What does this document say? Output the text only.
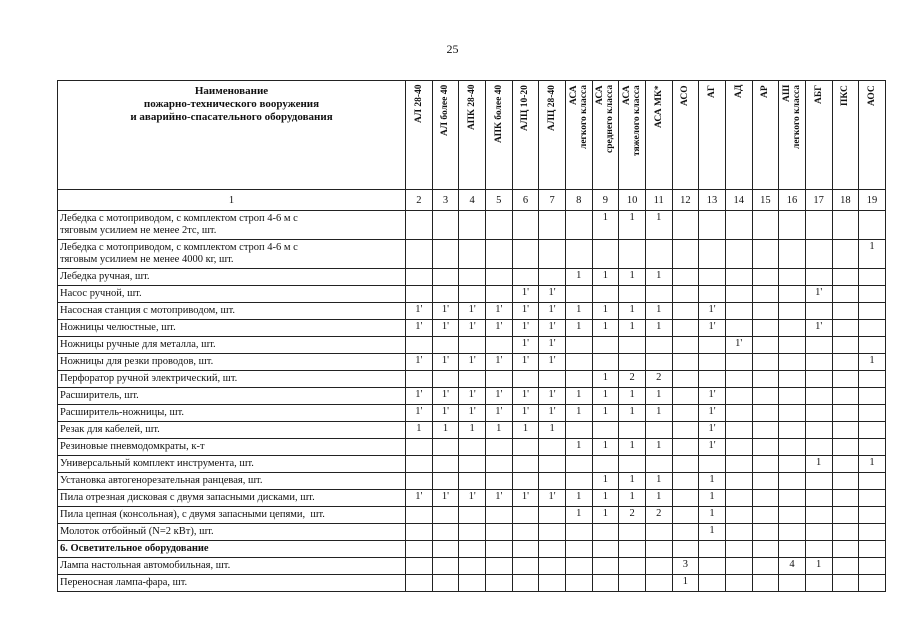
25
Наименование
пожарно-технического вооружения
и аварийно-спасательного оборудования	АЛ 28-40	АЛ более 40	АПК 28-40	АПК более 40	АЛЦ 10-20	АЛЦ 28-40	АСА
легкого класса	АСА
среднего класса	АСА
тяжелого класса	АСА МК*	АСО	АГ	АД	АР	АШ
легкого класса	АБГ	ПКС	АОС
1	2	3	4	5	6	7	8	9	10	11	12	13	14	15	16	17	18	19
Лебедка с мотоприводом, с комплектом строп 4-6 м с
тяговым усилием не менее 2тс, шт.								1	1	1								
Лебедка с мотоприводом, с комплектом строп 4-6 м с
тяговым усилием не менее 4000 кг, шт.																		1
Лебедка ручная, шт.							1	1	1	1								
Насос ручной, шт.					1'	1'										1'		
Насосная станция с мотоприводом, шт.	1'	1'	1'	1'	1'	1'	1	1	1	1		1'						
Ножницы челюстные, шт.	1'	1'	1'	1'	1'	1'	1	1	1	1		1'				1'		
Ножницы ручные для металла, шт.					1'	1'							1'					
Ножницы для резки проводов, шт.	1'	1'	1'	1'	1'	1'												1
Перфоратор ручной электрический, шт.								1	2	2								
Расширитель, шт.	1'	1'	1'	1'	1'	1'	1	1	1	1		1'						
Расширитель-ножницы, шт.	1'	1'	1'	1'	1'	1'	1	1	1	1		1'						
Резак для кабелей, шт.	1	1	1	1	1	1						1'						
Резиновые пневмодомкраты, к-т							1	1	1	1		1'						
Универсальный комплект инструмента, шт.																1		1
Установка автогенорезательная ранцевая, шт.								1	1	1		1						
Пила отрезная дисковая с двумя запасными дисками, шт.	1'	1'	1'	1'	1'	1'	1	1	1	1		1						
Пила цепная (консольная), с двумя запасными цепями,  шт.							1	1	2	2		1						
Молоток отбойный (N=2 кВт), шт.												1						
6. Осветительное оборудование																		
Лампа настольная автомобильная, шт.											3				4	1		
Переносная лампа-фара, шт.											1							
